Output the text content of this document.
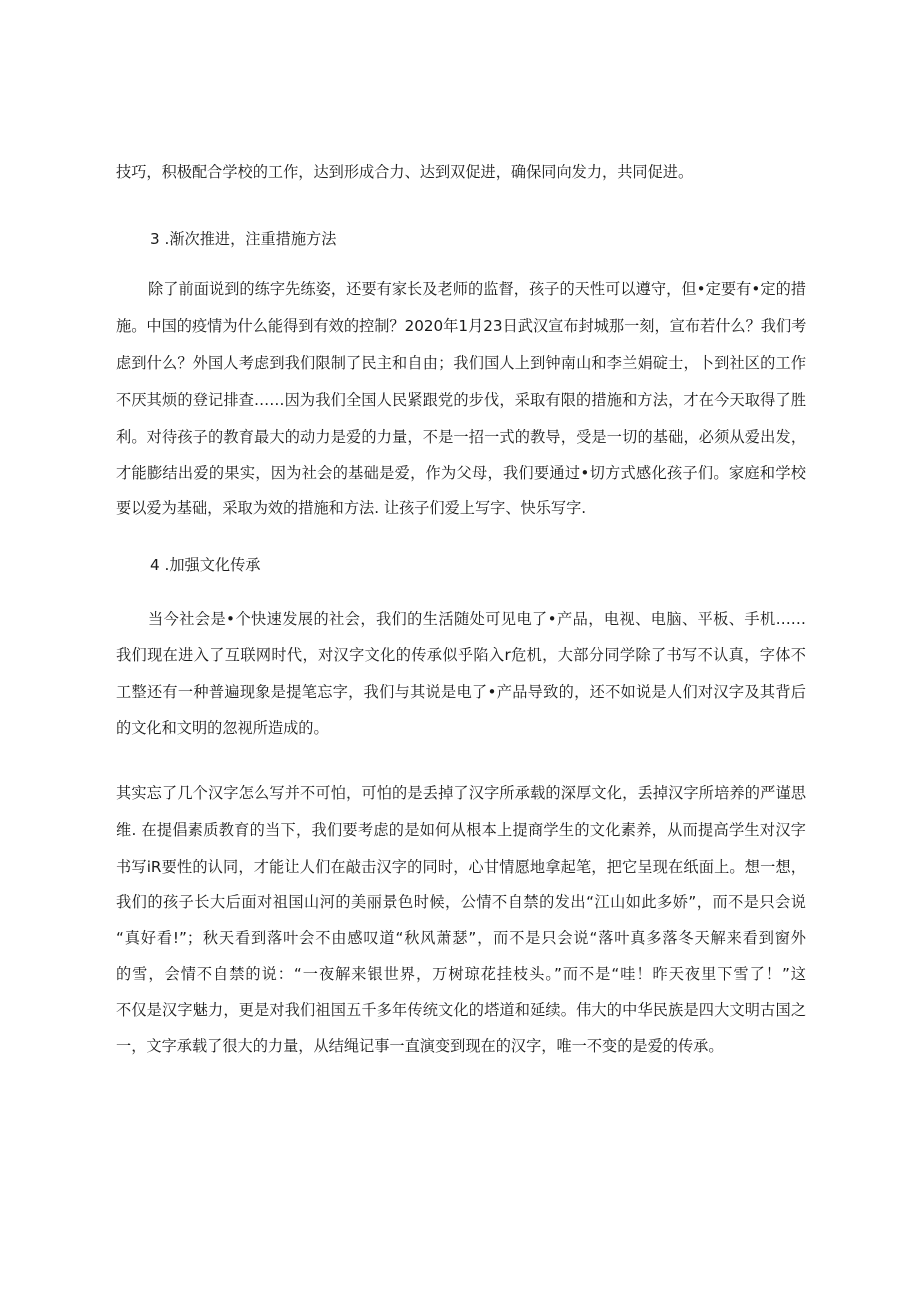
技巧，积极配合学校的工作，达到形成合力、达到双促进，确保同向发力，共同促进。
3 .渐次推进，注重措施方法
除了前面说到的练字先练姿，还要有家长及老师的监督，孩子的天性可以遵守，但•定要有•定的措
施。中国的疫情为什么能得到有效的控制？2020年1月23日武汉宣布封城那一刻，宣布若什么？我们考
虑到什么？外国人考虑到我们限制了民主和自由；我们国人上到钟南山和李兰娟碇士，卜到社区的工作
不厌其烦的登记排查……因为我们全国人民紧跟党的步伐，采取有限的措施和方法，才在今天取得了胜
利。对待孩子的教育最大的动力是爱的力量，不是一招一式的教导，受是一切的基础，必须从爱出发，
才能膨结出爱的果实，因为社会的基础是爱，作为父母，我们要通过•切方式感化孩子们。家庭和学校
要以爱为基础，采取为效的措施和方法. 让孩子们爱上写字、快乐写字.
4 .加强文化传承
当今社会是•个快速发展的社会，我们的生活随处可见电了•产品，电视、电脑、平板、手机……
我们现在进入了互联网时代，对汉字文化的传承似乎陷入r危机，大部分同学除了书写不认真，字体不
工整还有一种普遍现象是提笔忘字，我们与其说是电了•产品导致的，还不如说是人们对汉字及其背后
的文化和文明的忽视所造成的。
其实忘了几个汉字怎么写并不可怕，可怕的是丢掉了汉字所承载的深厚文化，丢掉汉字所培养的严谨思
维. 在提倡素质教育的当下，我们要考虑的是如何从根本上提商学生的文化素养，从而提高学生对汉字
书写iR要性的认同，才能让人们在敲击汉字的同时，心甘情愿地拿起笔，把它呈现在纸面上。想一想，
我们的孩子长大后面对祖国山河的美丽景色时候，公情不自禁的发出“江山如此多娇”，而不是只会说
“真好看!”；秋天看到落叶会不由感叹道“秋风萧瑟”，而不是只会说“落叶真多落冬天解来看到窗外
的雪，会情不自禁的说：“一夜解来银世界，万树琼花挂枝头。”而不是“哇！昨天夜里下雪了！”这
不仅是汉字魅力，更是对我们祖国五千多年传统文化的塔道和延续。伟大的中华民族是四大文明古国之
一，文字承载了很大的力量，从结绳记事一直演变到现在的汉字，唯一不变的是爱的传承。
